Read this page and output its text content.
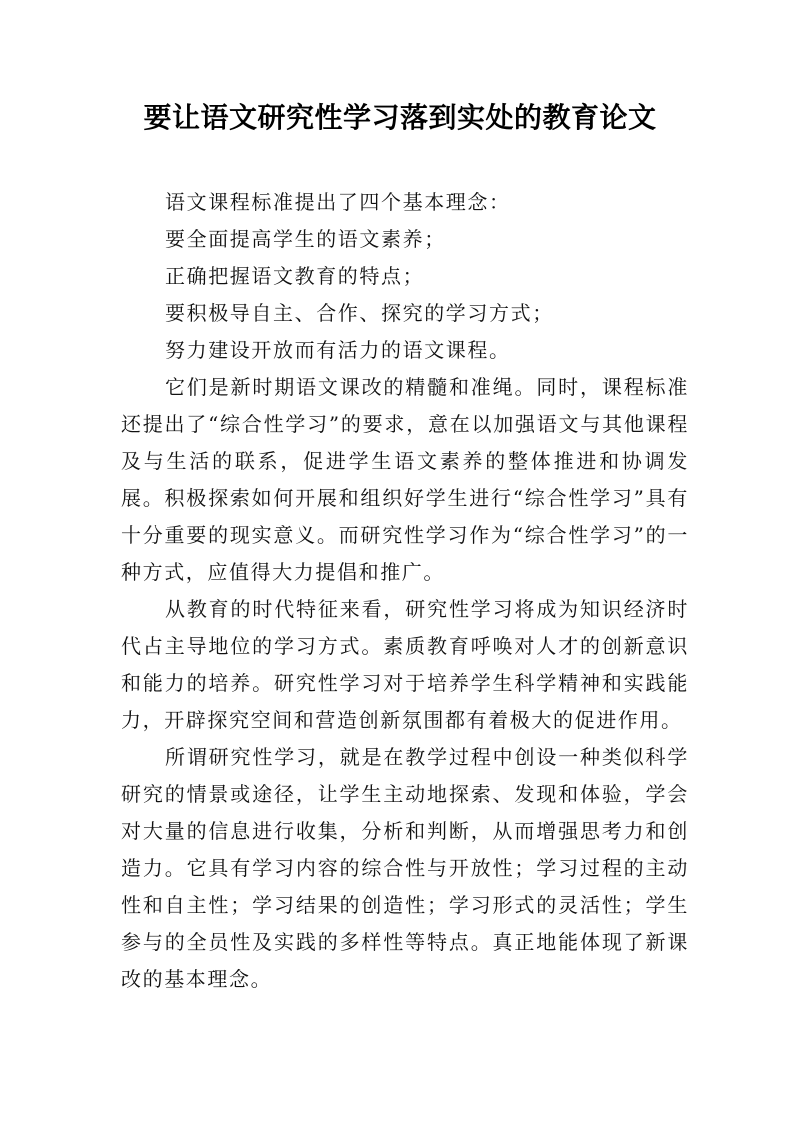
要让语文研究性学习落到实处的教育论文

语文课程标准提出了四个基本理念：

要全面提高学生的语文素养；

正确把握语文教育的特点；

要积极导自主、合作、探究的学习方式；

努力建设开放而有活力的语文课程。

它们是新时期语文课改的精髓和准绳。同时，课程标准还提出了“综合性学习”的要求，意在以加强语文与其他课程及与生活的联系，促进学生语文素养的整体推进和协调发展。积极探索如何开展和组织好学生进行“综合性学习”具有十分重要的现实意义。而研究性学习作为“综合性学习”的一种方式，应值得大力提倡和推广。

从教育的时代特征来看，研究性学习将成为知识经济时代占主导地位的学习方式。素质教育呼唤对人才的创新意识和能力的培养。研究性学习对于培养学生科学精神和实践能力，开辟探究空间和营造创新氛围都有着极大的促进作用。

所谓研究性学习，就是在教学过程中创设一种类似科学研究的情景或途径，让学生主动地探索、发现和体验，学会对大量的信息进行收集，分析和判断，从而增强思考力和创造力。它具有学习内容的综合性与开放性；学习过程的主动性和自主性；学习结果的创造性；学习形式的灵活性；学生参与的全员性及实践的多样性等特点。真正地能体现了新课改的基本理念。
